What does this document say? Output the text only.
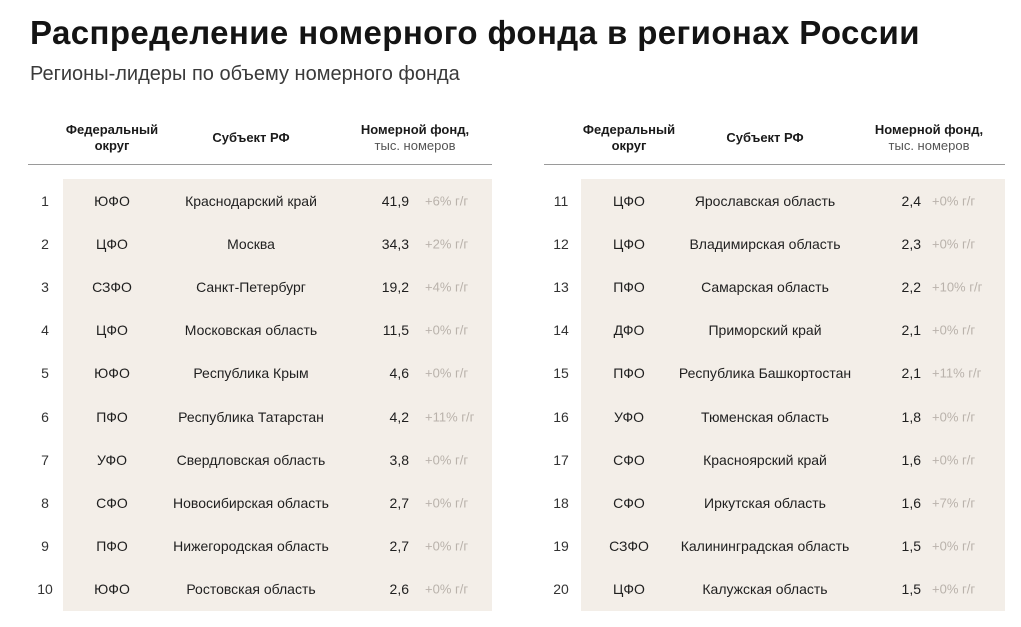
Распределение номерного фонда в регионах России
Регионы-лидеры по объему номерного фонда
Федеральный
округ
Субъект РФ
Номерной фонд,
тыс. номеров
1	ЮФО	Краснодарский край	41,9 +6% г/г
2	ЦФО	Москва	34,3 +2% г/г
3	СЗФО	Санкт-Петербург	19,2 +4% г/г
4	ЦФО	Московская область	11,5 +0% г/г
5	ЮФО	Республика Крым	4,6 +0% г/г
6	ПФО	Республика Татарстан	4,2 +11% г/г
7	УФО	Свердловская область	3,8 +0% г/г
8	СФО	Новосибирская область	2,7 +0% г/г
9	ПФО	Нижегородская область	2,7 +0% г/г
10	ЮФО	Ростовская область	2,6 +0% г/г
Федеральный
округ
Субъект РФ
Номерной фонд,
тыс. номеров
11	ЦФО	Ярославская область	2,4 +0% г/г
12	ЦФО	Владимирская область	2,3 +0% г/г
13	ПФО	Самарская область	2,2 +10% г/г
14	ДФО	Приморский край	2,1 +0% г/г
15	ПФО	Республика Башкортостан	2,1 +11% г/г
16	УФО	Тюменская область	1,8 +0% г/г
17	СФО	Красноярский край	1,6 +0% г/г
18	СФО	Иркутская область	1,6 +7% г/г
19	СЗФО	Калининградская область	1,5 +0% г/г
20	ЦФО	Калужская область	1,5 +0% г/г
